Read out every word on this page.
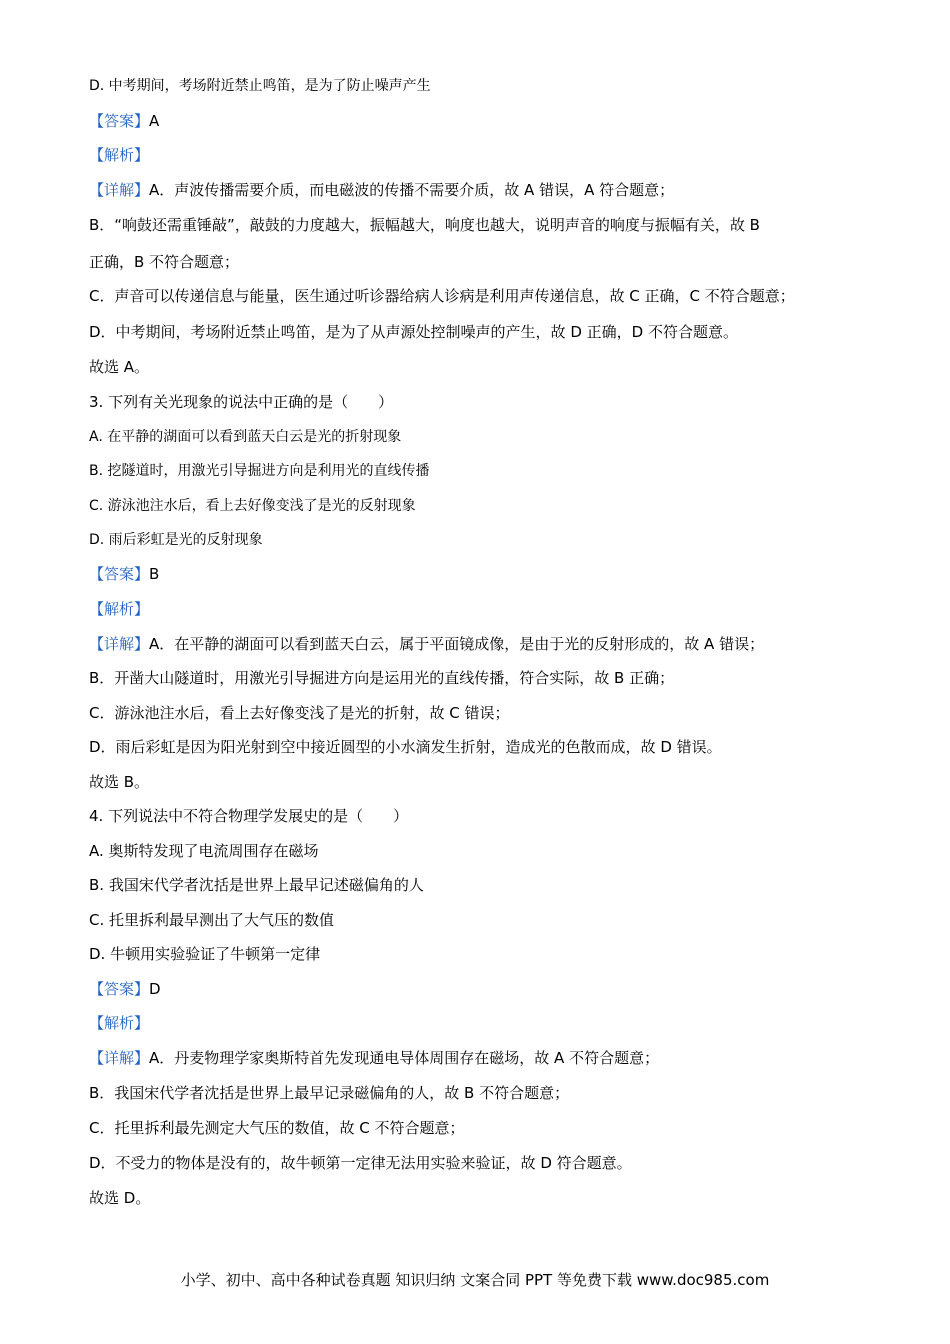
D. 中考期间，考场附近禁止鸣笛，是为了防止噪声产生
【答案】A
【解析】
【详解】A．声波传播需要介质，而电磁波的传播不需要介质，故 A 错误，A 符合题意；
B．“响鼓还需重锤敲”，敲鼓的力度越大，振幅越大，响度也越大，说明声音的响度与振幅有关，故 B
正确，B 不符合题意；
C．声音可以传递信息与能量，医生通过听诊器给病人诊病是利用声传递信息，故 C 正确，C 不符合题意；
D．中考期间，考场附近禁止鸣笛，是为了从声源处控制噪声的产生，故 D 正确，D 不符合题意。
故选 A。
3. 下列有关光现象的说法中正确的是（　　）
A. 在平静的湖面可以看到蓝天白云是光的折射现象
B. 挖隧道时，用激光引导掘进方向是利用光的直线传播
C. 游泳池注水后，看上去好像变浅了是光的反射现象
D. 雨后彩虹是光的反射现象
【答案】B
【解析】
【详解】A．在平静的湖面可以看到蓝天白云，属于平面镜成像，是由于光的反射形成的，故 A 错误；
B．开凿大山隧道时，用激光引导掘进方向是运用光的直线传播，符合实际，故 B 正确；
C．游泳池注水后，看上去好像变浅了是光的折射，故 C 错误；
D．雨后彩虹是因为阳光射到空中接近圆型的小水滴发生折射，造成光的色散而成，故 D 错误。
故选 B。
4. 下列说法中不符合物理学发展史的是（　　）
A. 奥斯特发现了电流周围存在磁场
B. 我国宋代学者沈括是世界上最早记述磁偏角的人
C. 托里拆利最早测出了大气压的数值
D. 牛顿用实验验证了牛顿第一定律
【答案】D
【解析】
【详解】A．丹麦物理学家奥斯特首先发现通电导体周围存在磁场，故 A 不符合题意；
B．我国宋代学者沈括是世界上最早记录磁偏角的人，故 B 不符合题意；
C．托里拆利最先测定大气压的数值，故 C 不符合题意；
D．不受力的物体是没有的，故牛顿第一定律无法用实验来验证，故 D 符合题意。
故选 D。
小学、初中、高中各种试卷真题 知识归纳 文案合同 PPT 等免费下载 www.doc985.com
